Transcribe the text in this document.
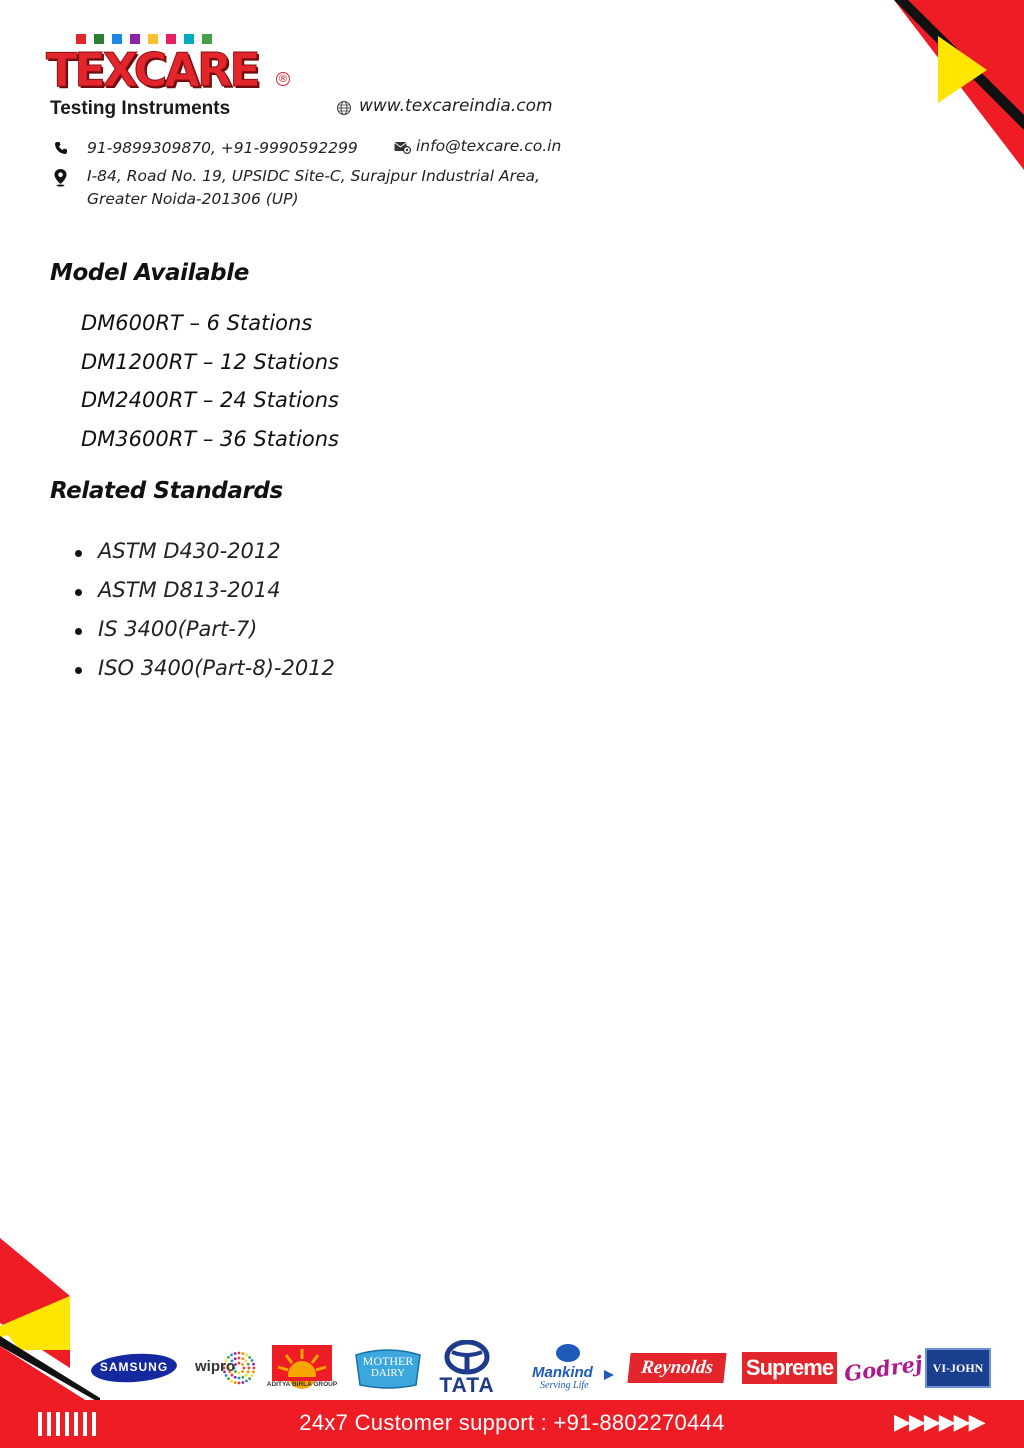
TEXCARE ®
Testing Instruments	www.texcareindia.com
91-9899309870, +91-9990592299	info@texcare.co.in
I-84, Road No. 19, UPSIDC Site-C, Surajpur Industrial Area,
Greater Noida-201306 (UP)
Model Available
DM600RT – 6 Stations
DM1200RT – 12 Stations
DM2400RT – 24 Stations
DM3600RT – 36 Stations
Related Standards
ASTM D430-2012
ASTM D813-2014
IS 3400(Part-7)
ISO 3400(Part-8)-2012
SAMSUNG	wipro
ADITYA BIRLA GROUP
MOTHER
DAIRY
TATA
Mankind
Serving Life
Reynolds Supreme Godrej VI-JOHN
24x7 Customer support : +91-8802270444	▶▶▶▶▶▶
